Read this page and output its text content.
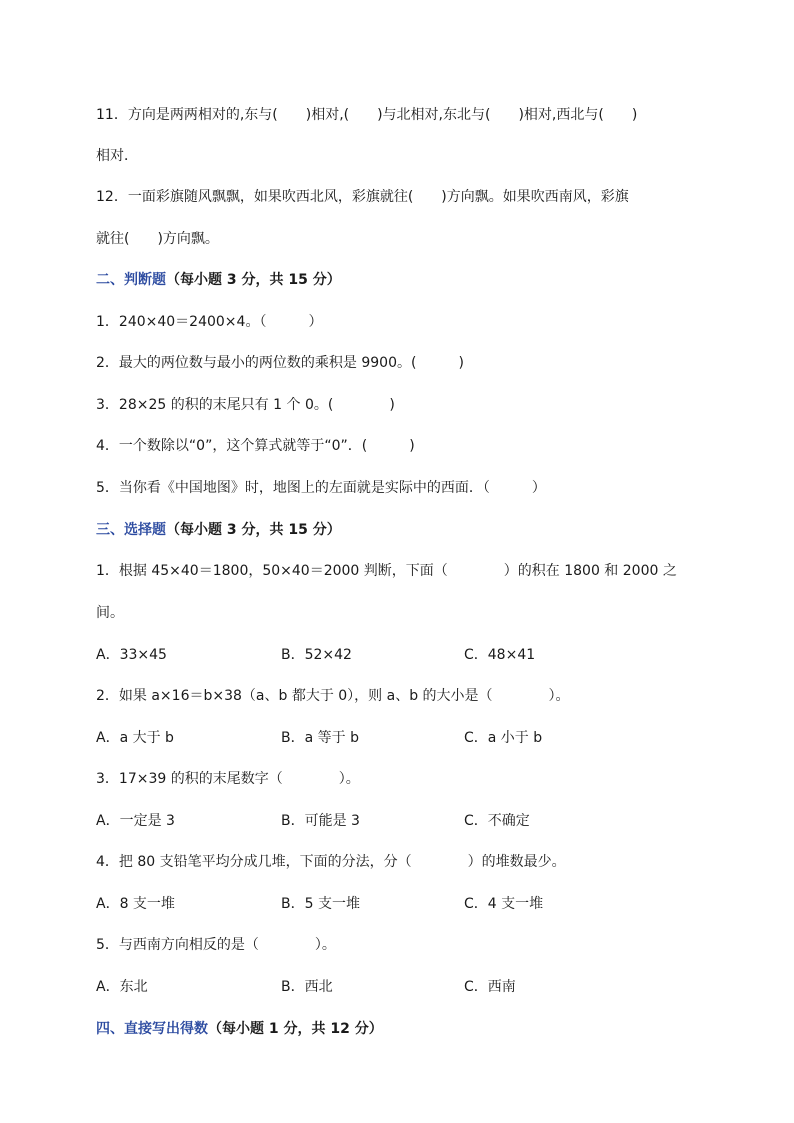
11．方向是两两相对的,东与(　　)相对,(　　)与北相对,东北与(　　)相对,西北与(　　)
相对．
12．一面彩旗随风飘飘，如果吹西北风，彩旗就往(　　)方向飘。如果吹西南风，彩旗
就往(　　)方向飘。
二、判断题（每小题 3 分，共 15 分）
1．240×40＝2400×4。（　　　）
2．最大的两位数与最小的两位数的乘积是 9900。(　　　)
3．28×25 的积的末尾只有 1 个 0。(　　　　)
4．一个数除以“0”，这个算式就等于“0”．(　　　)
5．当你看《中国地图》时，地图上的左面就是实际中的西面．（　　　）
三、选择题（每小题 3 分，共 15 分）
1．根据 45×40＝1800，50×40＝2000 判断，下面（　　　　）的积在 1800 和 2000 之
间。
A．33×45	B．52×42	C．48×41
2．如果 a×16＝b×38（a、b 都大于 0），则 a、b 的大小是（　　　　）。
A．a 大于 b	B．a 等于 b	C．a 小于 b
3．17×39 的积的末尾数字（　　　　）。
A．一定是 3	B．可能是 3	C．不确定
4．把 80 支铅笔平均分成几堆，下面的分法，分（　　　　）的堆数最少。
A．8 支一堆	B．5 支一堆	C．4 支一堆
5．与西南方向相反的是（　　　　）。
A．东北	B．西北	C．西南
四、直接写出得数（每小题 1 分，共 12 分）
